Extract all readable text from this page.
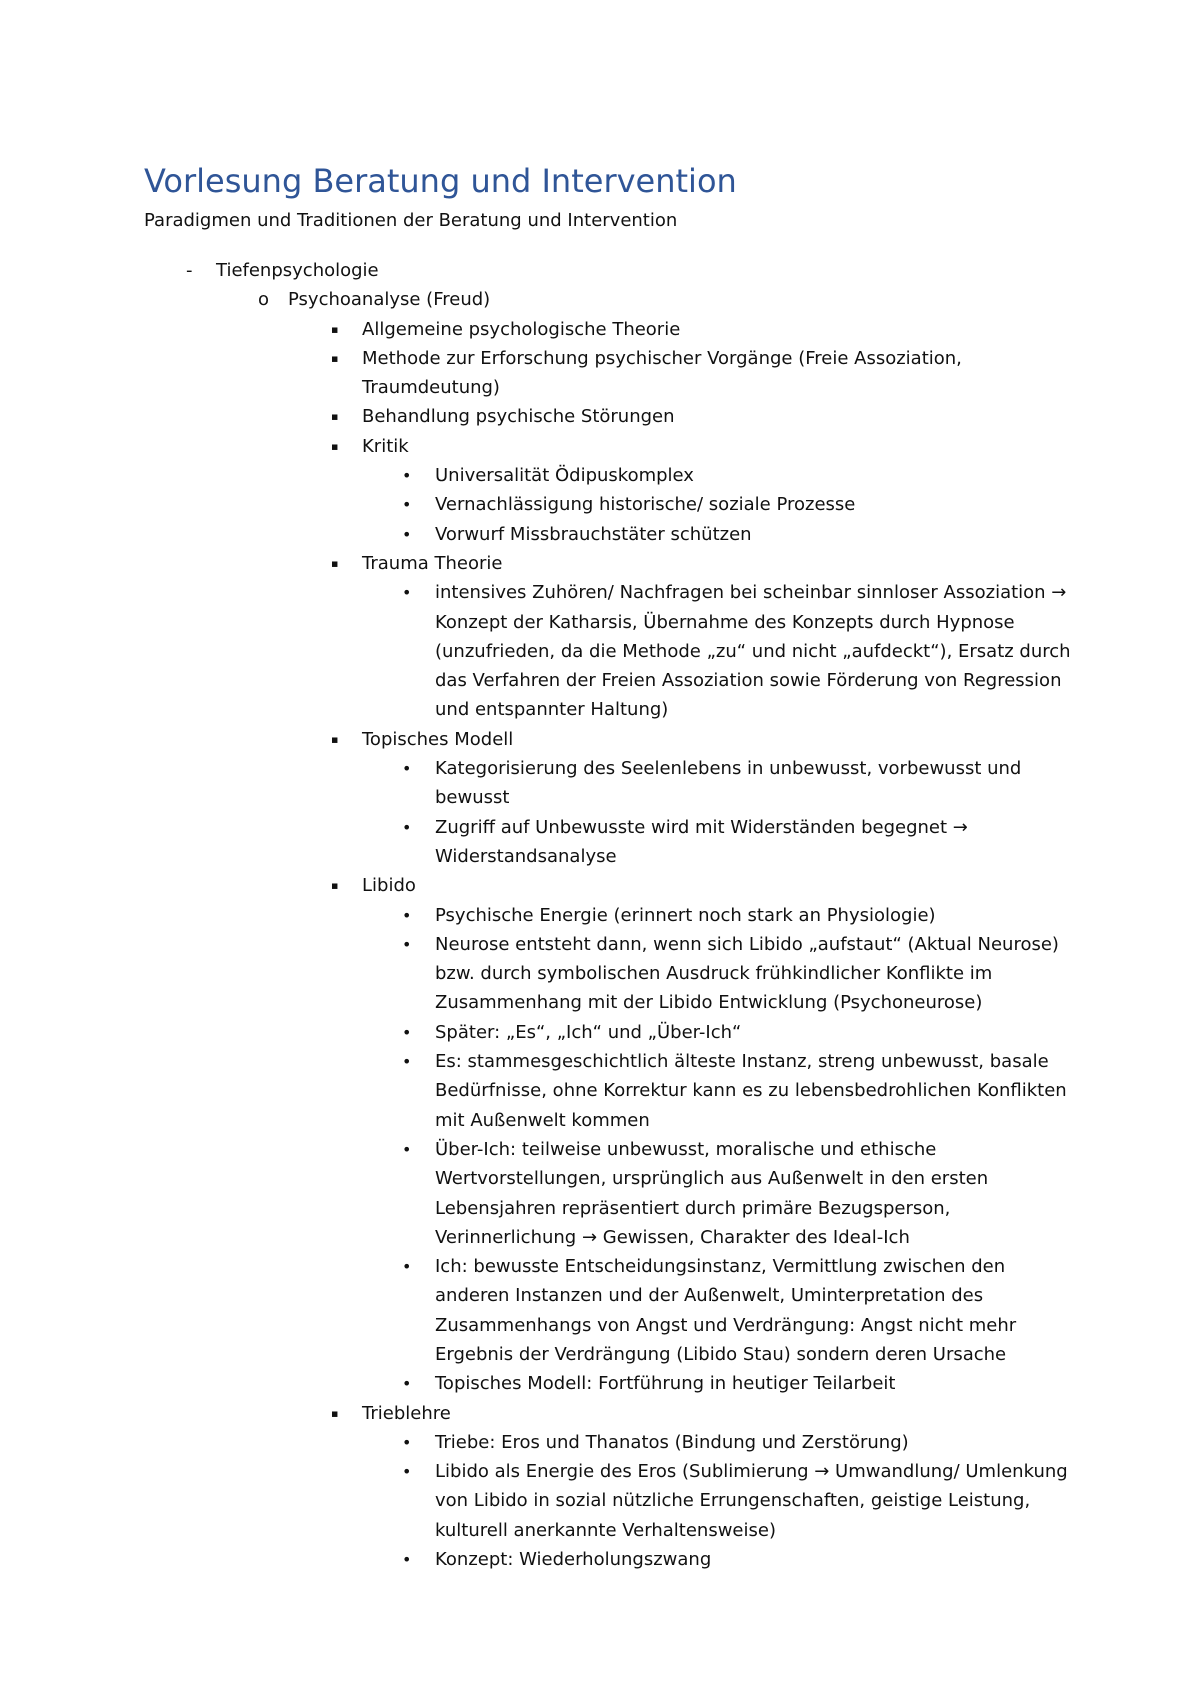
Vorlesung Beratung und Intervention

Paradigmen und Traditionen der Beratung und Intervention

- Tiefenpsychologie
o Psychoanalyse (Freud)
▪ Allgemeine psychologische Theorie
▪ Methode zur Erforschung psychischer Vorgänge (Freie Assoziation, Traumdeutung)
▪ Behandlung psychische Störungen
▪ Kritik
• Universalität Ödipuskomplex
• Vernachlässigung historische/ soziale Prozesse
• Vorwurf Missbrauchstäter schützen
▪ Trauma Theorie
• intensives Zuhören/ Nachfragen bei scheinbar sinnloser Assoziation → Konzept der Katharsis, Übernahme des Konzepts durch Hypnose (unzufrieden, da die Methode „zu“ und nicht „aufdeckt“), Ersatz durch das Verfahren der Freien Assoziation sowie Förderung von Regression und entspannter Haltung)
▪ Topisches Modell
• Kategorisierung des Seelenlebens in unbewusst, vorbewusst und bewusst
• Zugriff auf Unbewusste wird mit Widerständen begegnet → Widerstandsanalyse
▪ Libido
• Psychische Energie (erinnert noch stark an Physiologie)
• Neurose entsteht dann, wenn sich Libido „aufstaut“ (Aktual Neurose) bzw. durch symbolischen Ausdruck frühkindlicher Konflikte im Zusammenhang mit der Libido Entwicklung (Psychoneurose)
• Später: „Es“, „Ich“ und „Über-Ich“
• Es: stammesgeschichtlich älteste Instanz, streng unbewusst, basale Bedürfnisse, ohne Korrektur kann es zu lebensbedrohlichen Konflikten mit Außenwelt kommen
• Über-Ich: teilweise unbewusst, moralische und ethische Wertvorstellungen, ursprünglich aus Außenwelt in den ersten Lebensjahren repräsentiert durch primäre Bezugsperson, Verinnerlichung → Gewissen, Charakter des Ideal-Ich
• Ich: bewusste Entscheidungsinstanz, Vermittlung zwischen den anderen Instanzen und der Außenwelt, Uminterpretation des Zusammenhangs von Angst und Verdrängung: Angst nicht mehr Ergebnis der Verdrängung (Libido Stau) sondern deren Ursache
• Topisches Modell: Fortführung in heutiger Teilarbeit
▪ Trieblehre
• Triebe: Eros und Thanatos (Bindung und Zerstörung)
• Libido als Energie des Eros (Sublimierung → Umwandlung/ Umlenkung von Libido in sozial nützliche Errungenschaften, geistige Leistung, kulturell anerkannte Verhaltensweise)
• Konzept: Wiederholungszwang
